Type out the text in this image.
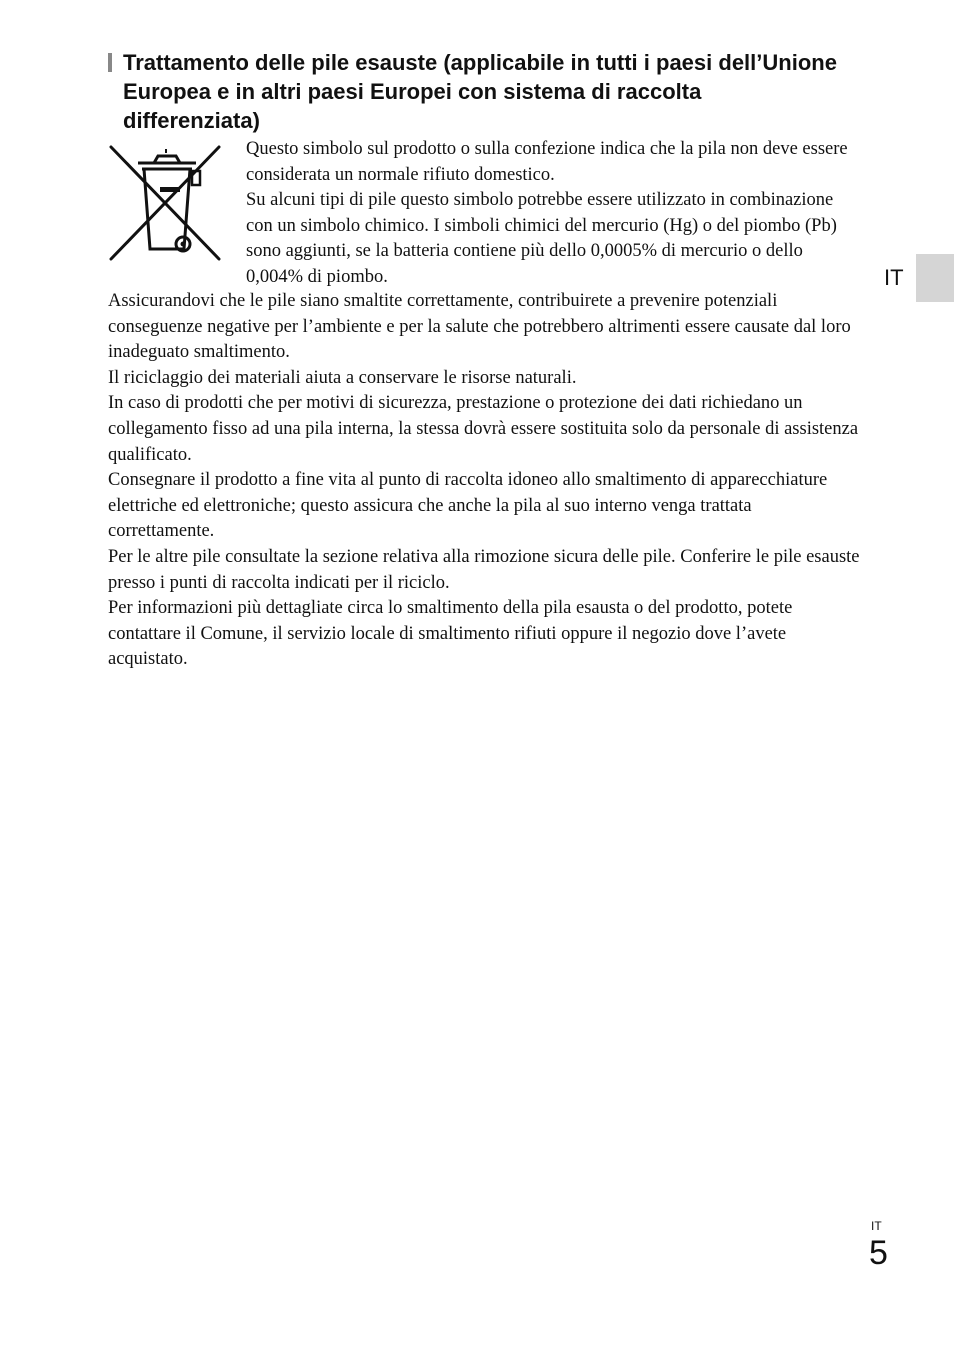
Trattamento delle pile esauste (applicabile in tutti i paesi dell’Unione Europea e in altri paesi Europei con sistema di raccolta differenziata)

Questo simbolo sul prodotto o sulla confezione indica che la pila non deve essere considerata un normale rifiuto domestico.

Su alcuni tipi di pile questo simbolo potrebbe essere utilizzato in combinazione con un simbolo chimico. I simboli chimici del mercurio (Hg) o del piombo (Pb) sono aggiunti, se la batteria contiene più dello 0,0005% di mercurio o dello 0,004% di piombo.

Assicurandovi che le pile siano smaltite correttamente, contribuirete a prevenire potenziali conseguenze negative per l’ambiente e per la salute che potrebbero altrimenti essere causate dal loro inadeguato smaltimento.

Il riciclaggio dei materiali aiuta a conservare le risorse naturali.

In caso di prodotti che per motivi di sicurezza, prestazione o protezione dei dati richiedano un collegamento fisso ad una pila interna, la stessa dovrà essere sostituita solo da personale di assistenza qualificato.

Consegnare il prodotto a fine vita al punto di raccolta idoneo allo smaltimento di apparecchiature elettriche ed elettroniche; questo assicura che anche la pila al suo interno venga trattata correttamente.

Per le altre pile consultate la sezione relativa alla rimozione sicura delle pile. Conferire le pile esauste presso i punti di raccolta indicati per il riciclo.

Per informazioni più dettagliate circa lo smaltimento della pila esausta o del prodotto, potete contattare il Comune, il servizio locale di smaltimento rifiuti oppure il negozio dove l’avete acquistato.

IT
IT
5
